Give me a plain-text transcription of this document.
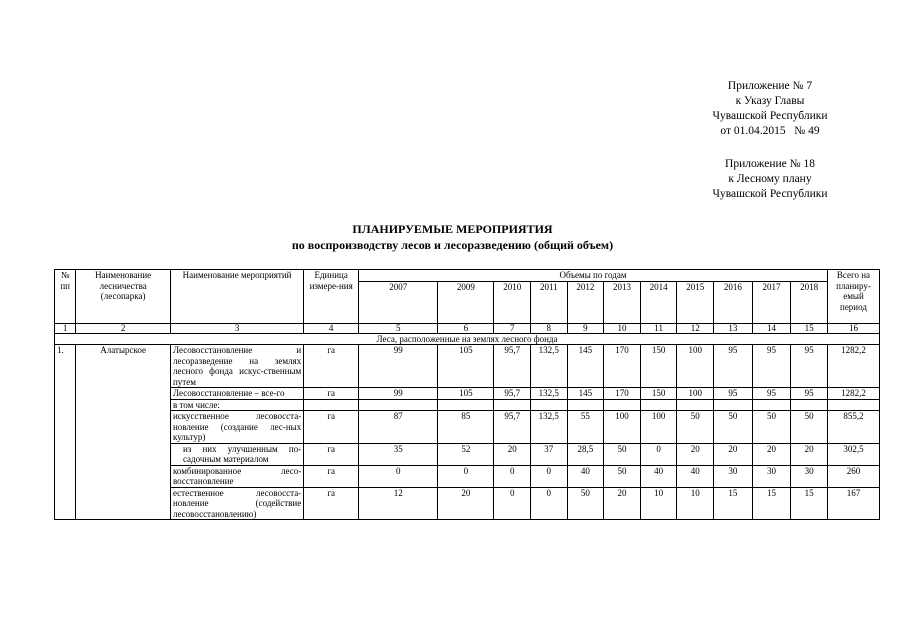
Приложение № 7
к Указу Главы
Чувашской Республики
от 01.04.2015   № 49
Приложение № 18
к Лесному плану
Чувашской Республики
ПЛАНИРУЕМЫЕ МЕРОПРИЯТИЯ
по воспроизводству лесов и лесоразведению (общий объем)
№ пп	Наименование лесничества (лесопарка)	Наименование мероприятий	Единица измере-ния	Объемы по годам											Всего на планиру-емый период
				2007	2009	2010	2011	2012	2013	2014	2015	2016	2017	2018	
1	2	3	4	5	6	7	8	9	10	11	12	13	14	15	16
Леса, расположенные на землях лесного фонда															
1.	Алатырское	Лесовосстановление и лесоразведение на землях лесного фонда искус-ственным путем	га	99	105	95,7	132,5	145	170	150	100	95	95	95	1282,2
		Лесовосстановление – все-го	га	99	105	95,7	132,5	145	170	150	100	95	95	95	1282,2
		в том числе:													
		искусственное лесовосста-новление (создание лес-ных культур)	га	87	85	95,7	132,5	55	100	100	50	50	50	50	855,2
		из них улучшенным по-садочным материалом	га	35	52	20	37	28,5	50	0	20	20	20	20	302,5
		комбинированное лесо-восстановление	га	0	0	0	0	40	50	40	40	30	30	30	260
		естественное лесовосста-новление (содействие лесовосстановлению)	га	12	20	0	0	50	20	10	10	15	15	15	167
